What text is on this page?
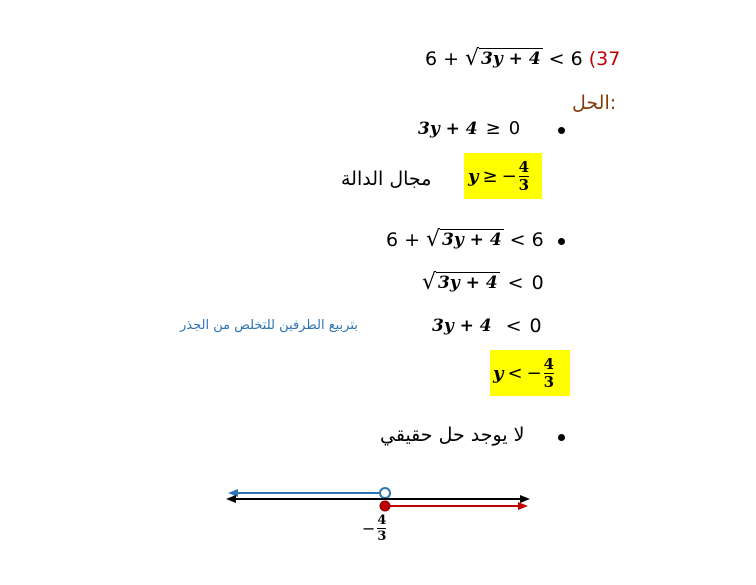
6 + √ 3y + 4 < 6 (37
الحل:
3y + 4 ≥ 0
مجال الدالة y ≥ − $\frac{4}{3}$
6 + √ 3y + 4 < 6
√ 3y + 4 < 0
3y + 4 < 0
بتربيع الطرفين للتخلص من الجذر
y < − $\frac{4}{3}$
لا يوجد حل حقيقي
− $\frac{4}{3}$
